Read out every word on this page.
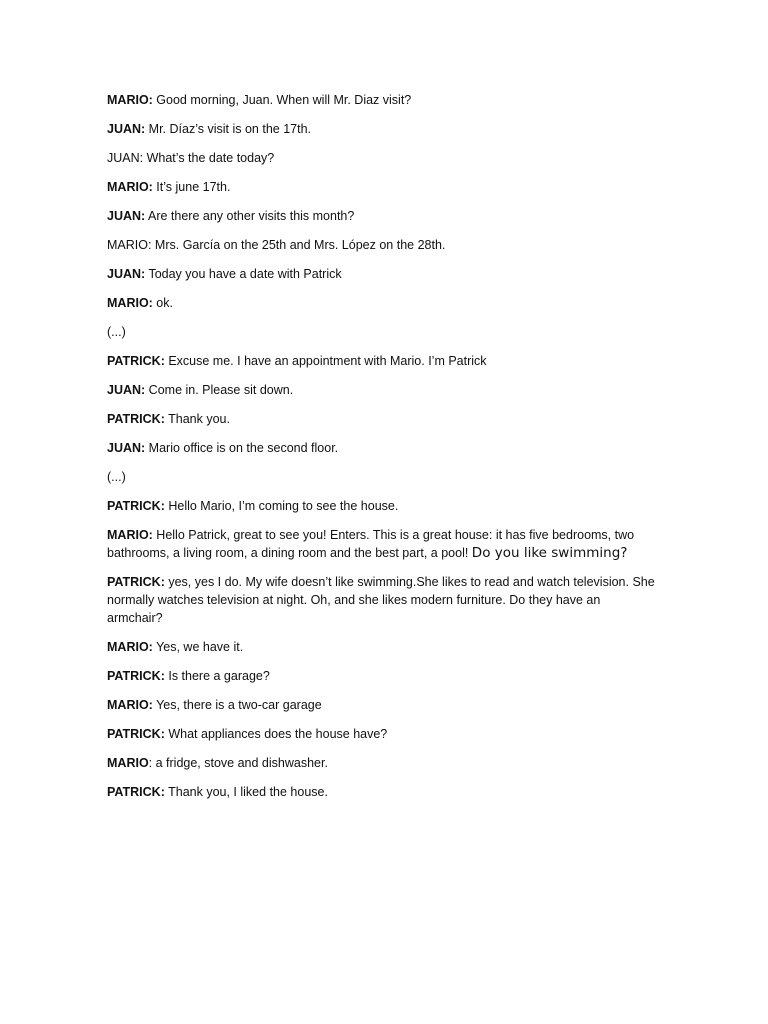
MARIO: Good morning, Juan. When will Mr. Diaz visit?

JUAN: Mr. Díaz’s visit is on the 17th.

JUAN: What’s the date today?

MARIO: It’s june 17th.

JUAN: Are there any other visits this month?

MARIO: Mrs. García on the 25th and Mrs. López on the 28th.

JUAN: Today you have a date with Patrick

MARIO: ok.

(...)

PATRICK: Excuse me. I have an appointment with Mario. I’m Patrick

JUAN: Come in. Please sit down.

PATRICK: Thank you.

JUAN: Mario office is on the second floor.

(...)

PATRICK: Hello Mario, I’m coming to see the house.

MARIO: Hello Patrick, great to see you! Enters. This is a great house: it has five bedrooms, two bathrooms, a living room, a dining room and the best part, a pool! Do you like swimming?

PATRICK: yes, yes I do. My wife doesn’t like swimming.She likes to read and watch television. She normally watches television at night. Oh, and she likes modern furniture. Do they have an armchair?

MARIO: Yes, we have it.

PATRICK: Is there a garage?

MARIO: Yes, there is a two-car garage

PATRICK: What appliances does the house have?

MARIO: a fridge, stove and dishwasher.

PATRICK: Thank you, I liked the house.
